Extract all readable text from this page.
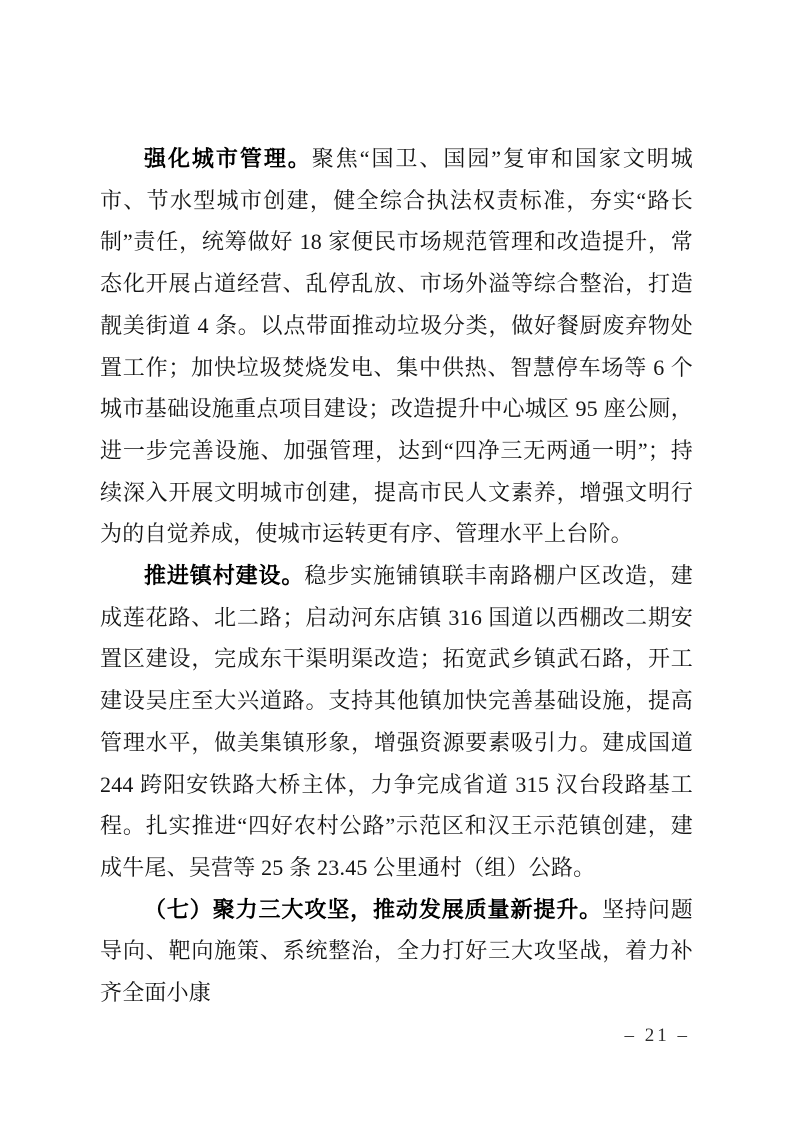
强化城市管理。聚焦“国卫、国园”复审和国家文明城市、节水型城市创建，健全综合执法权责标准，夯实“路长制”责任，统筹做好 18 家便民市场规范管理和改造提升，常态化开展占道经营、乱停乱放、市场外溢等综合整治，打造靓美街道 4 条。以点带面推动垃圾分类，做好餐厨废弃物处置工作；加快垃圾焚烧发电、集中供热、智慧停车场等 6 个城市基础设施重点项目建设；改造提升中心城区 95 座公厕，进一步完善设施、加强管理，达到“四净三无两通一明”；持续深入开展文明城市创建，提高市民人文素养，增强文明行为的自觉养成，使城市运转更有序、管理水平上台阶。

推进镇村建设。稳步实施铺镇联丰南路棚户区改造，建成莲花路、北二路；启动河东店镇 316 国道以西棚改二期安置区建设，完成东干渠明渠改造；拓宽武乡镇武石路，开工建设吴庄至大兴道路。支持其他镇加快完善基础设施，提高管理水平，做美集镇形象，增强资源要素吸引力。建成国道 244 跨阳安铁路大桥主体，力争完成省道 315 汉台段路基工程。扎实推进“四好农村公路”示范区和汉王示范镇创建，建成牛尾、吴营等 25 条 23.45 公里通村（组）公路。

（七）聚力三大攻坚，推动发展质量新提升。坚持问题导向、靶向施策、系统整治，全力打好三大攻坚战，着力补齐全面小康

– 21 –
